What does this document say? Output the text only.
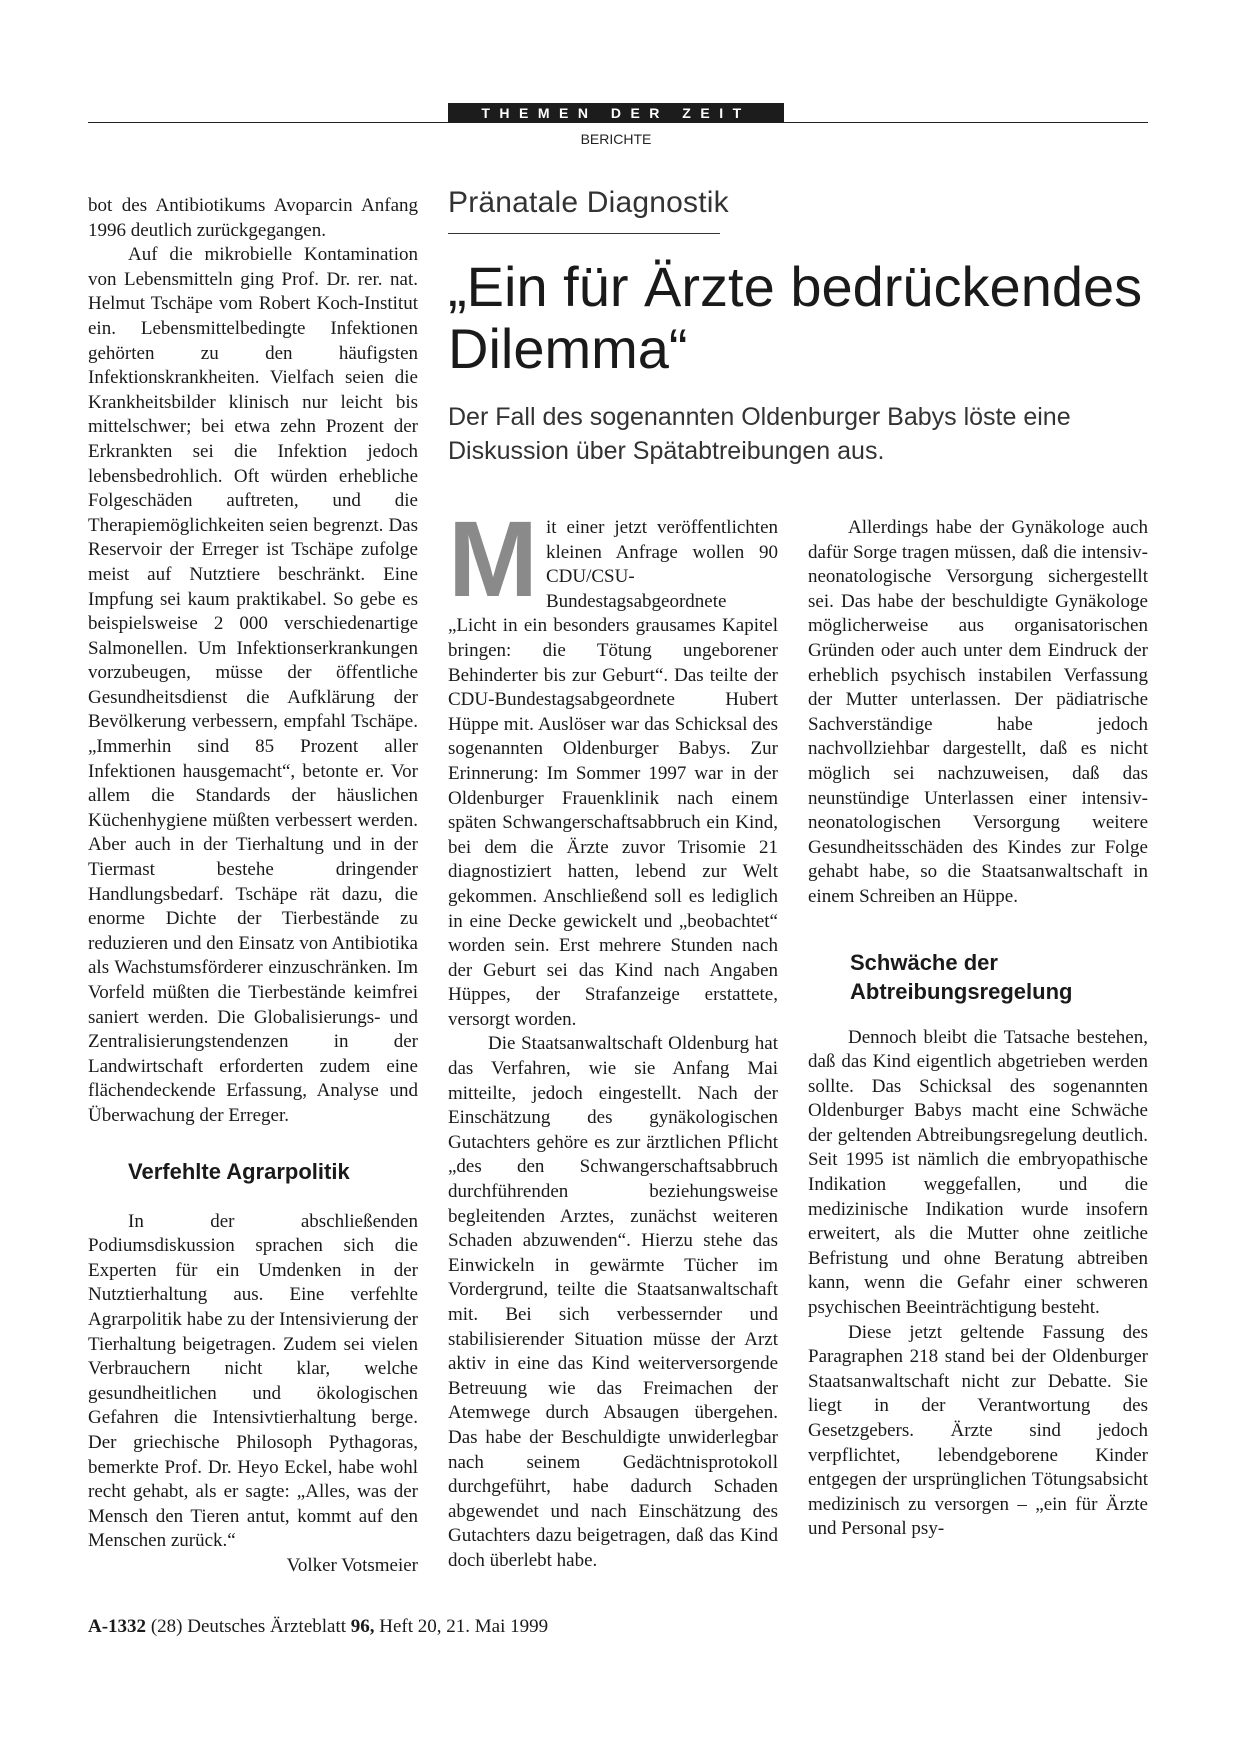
THEMEN DER ZEIT
BERICHTE

bot des Antibiotikums Avoparcin Anfang 1996 deutlich zurückgegangen.

Auf die mikrobielle Kontamination von Lebensmitteln ging Prof. Dr. rer. nat. Helmut Tschäpe vom Robert Koch-Institut ein. Lebensmittelbedingte Infektionen gehörten zu den häufigsten Infektionskrankheiten. Vielfach seien die Krankheitsbilder klinisch nur leicht bis mittelschwer; bei etwa zehn Prozent der Erkrankten sei die Infektion jedoch lebensbedrohlich. Oft würden erhebliche Folgeschäden auftreten, und die Therapiemöglichkeiten seien begrenzt. Das Reservoir der Erreger ist Tschäpe zufolge meist auf Nutztiere beschränkt. Eine Impfung sei kaum praktikabel. So gebe es beispielsweise 2 000 verschiedenartige Salmonellen. Um Infektionserkrankungen vorzubeugen, müsse der öffentliche Gesundheitsdienst die Aufklärung der Bevölkerung verbessern, empfahl Tschäpe. „Immerhin sind 85 Prozent aller Infektionen hausgemacht“, betonte er. Vor allem die Standards der häuslichen Küchenhygiene müßten verbessert werden. Aber auch in der Tierhaltung und in der Tiermast bestehe dringender Handlungsbedarf. Tschäpe rät dazu, die enorme Dichte der Tierbestände zu reduzieren und den Einsatz von Antibiotika als Wachstumsförderer einzuschränken. Im Vorfeld müßten die Tierbestände keimfrei saniert werden. Die Globalisierungs- und Zentralisierungstendenzen in der Landwirtschaft erforderten zudem eine flächendeckende Erfassung, Analyse und Überwachung der Erreger.

Verfehlte Agrarpolitik

In der abschließenden Podiumsdiskussion sprachen sich die Experten für ein Umdenken in der Nutztierhaltung aus. Eine verfehlte Agrarpolitik habe zu der Intensivierung der Tierhaltung beigetragen. Zudem sei vielen Verbrauchern nicht klar, welche gesundheitlichen und ökologischen Gefahren die Intensivtierhaltung berge. Der griechische Philosoph Pythagoras, bemerkte Prof. Dr. Heyo Eckel, habe wohl recht gehabt, als er sagte: „Alles, was der Mensch den Tieren antut, kommt auf den Menschen zurück.“

Volker Votsmeier
Pränatale Diagnostik
„Ein für Ärzte bedrückendes Dilemma“
Der Fall des sogenannten Oldenburger Babys löste eine Diskussion über Spätabtreibungen aus.

Mit einer jetzt veröffentlichten kleinen Anfrage wollen 90 CDU/CSU-Bundestagsabgeordnete „Licht in ein besonders grausames Kapitel bringen: die Tötung ungeborener Behinderter bis zur Geburt“. Das teilte der CDU-Bundestagsabgeordnete Hubert Hüppe mit. Auslöser war das Schicksal des sogenannten Oldenburger Babys. Zur Erinnerung: Im Sommer 1997 war in der Oldenburger Frauenklinik nach einem späten Schwangerschaftsabbruch ein Kind, bei dem die Ärzte zuvor Trisomie 21 diagnostiziert hatten, lebend zur Welt gekommen. Anschließend soll es lediglich in eine Decke gewickelt und „beobachtet“ worden sein. Erst mehrere Stunden nach der Geburt sei das Kind nach Angaben Hüppes, der Strafanzeige erstattete, versorgt worden.

Die Staatsanwaltschaft Oldenburg hat das Verfahren, wie sie Anfang Mai mitteilte, jedoch eingestellt. Nach der Einschätzung des gynäkologischen Gutachters gehöre es zur ärztlichen Pflicht „des den Schwangerschaftsabbruch durchführenden beziehungsweise begleitenden Arztes, zunächst weiteren Schaden abzuwenden“. Hierzu stehe das Einwickeln in gewärmte Tücher im Vordergrund, teilte die Staatsanwaltschaft mit. Bei sich verbessernder und stabilisierender Situation müsse der Arzt aktiv in eine das Kind weiterversorgende Betreuung wie das Freimachen der Atemwege durch Absaugen übergehen. Das habe der Beschuldigte unwiderlegbar nach seinem Gedächtnisprotokoll durchgeführt, habe dadurch Schaden abgewendet und nach Einschätzung des Gutachters dazu beigetragen, daß das Kind doch überlebt habe.

Allerdings habe der Gynäkologe auch dafür Sorge tragen müssen, daß die intensiv-neonatologische Versorgung sichergestellt sei. Das habe der beschuldigte Gynäkologe möglicherweise aus organisatorischen Gründen oder auch unter dem Eindruck der erheblich psychisch instabilen Verfassung der Mutter unterlassen. Der pädiatrische Sachverständige habe jedoch nachvollziehbar dargestellt, daß es nicht möglich sei nachzuweisen, daß das neunstündige Unterlassen einer intensiv-neonatologischen Versorgung weitere Gesundheitsschäden des Kindes zur Folge gehabt habe, so die Staatsanwaltschaft in einem Schreiben an Hüppe.

Schwäche der
Abtreibungsregelung

Dennoch bleibt die Tatsache bestehen, daß das Kind eigentlich abgetrieben werden sollte. Das Schicksal des sogenannten Oldenburger Babys macht eine Schwäche der geltenden Abtreibungsregelung deutlich. Seit 1995 ist nämlich die embryopathische Indikation weggefallen, und die medizinische Indikation wurde insofern erweitert, als die Mutter ohne zeitliche Befristung und ohne Beratung abtreiben kann, wenn die Gefahr einer schweren psychischen Beeinträchtigung besteht.

Diese jetzt geltende Fassung des Paragraphen 218 stand bei der Oldenburger Staatsanwaltschaft nicht zur Debatte. Sie liegt in der Verantwortung des Gesetzgebers. Ärzte sind jedoch verpflichtet, lebendgeborene Kinder entgegen der ursprünglichen Tötungsabsicht medizinisch zu versorgen – „ein für Ärzte und Personal psy-

A-1332 (28) Deutsches Ärzteblatt 96, Heft 20, 21. Mai 1999
